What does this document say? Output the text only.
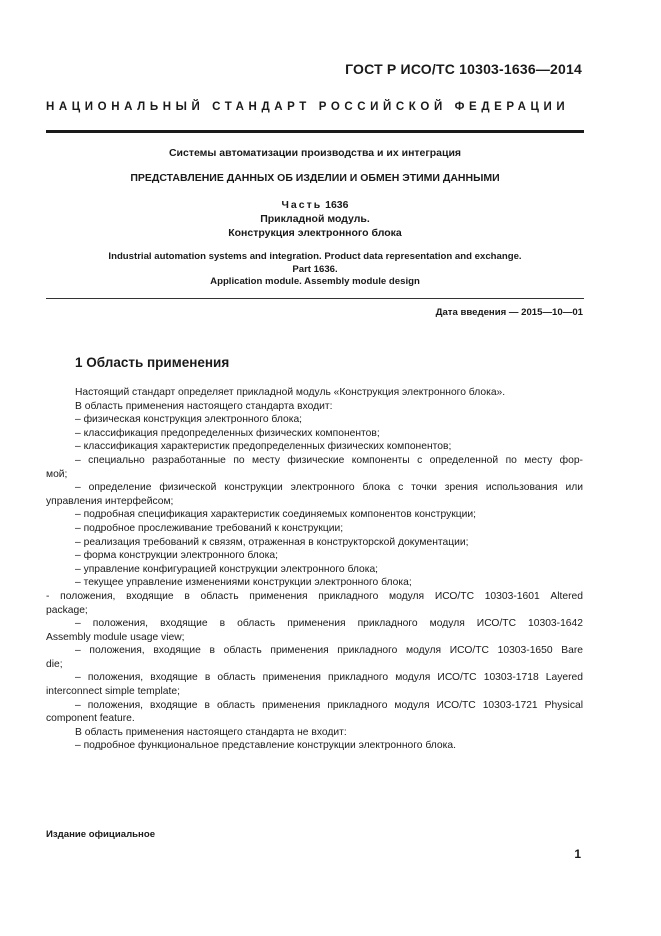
ГОСТ Р ИСО/ТС 10303-1636—2014
НАЦИОНАЛЬНЫЙ СТАНДАРТ РОССИЙСКОЙ ФЕДЕРАЦИИ
Системы автоматизации производства и их интеграция
ПРЕДСТАВЛЕНИЕ ДАННЫХ ОБ ИЗДЕЛИИ И ОБМЕН ЭТИМИ ДАННЫМИ
Часть 1636
Прикладной модуль.
Конструкция электронного блока
Industrial automation systems and integration. Product data representation and exchange.
Part 1636.
Application module. Assembly module design
Дата введения — 2015—10—01
1 Область применения

Настоящий стандарт определяет прикладной модуль «Конструкция электронного блока».

В область применения настоящего стандарта входит:

– физическая конструкция электронного блока;

– классификация предопределенных физических компонентов;

– классификация характеристик предопределенных физических компонентов;

– специально разработанные по месту физические компоненты с определенной по месту фор-

мой;

– определение физической конструкции электронного блока с точки зрения использования или

управления интерфейсом;

– подробная спецификация характеристик соединяемых компонентов конструкции;

– подробное прослеживание требований к конструкции;

– реализация требований к связям, отраженная в конструкторской документации;

– форма конструкции электронного блока;

– управление конфигурацией конструкции электронного блока;

– текущее управление изменениями конструкции электронного блока;

- положения, входящие в область применения прикладного модуля ИСО/ТС 10303-1601 Altered

package;

– положения, входящие в область применения прикладного модуля ИСО/ТС 10303-1642

Assembly module usage view;

– положения, входящие в область применения прикладного модуля ИСО/ТС 10303-1650 Bare

die;

– положения, входящие в область применения прикладного модуля ИСО/ТС 10303-1718 Layered

interconnect simple template;

– положения, входящие в область применения прикладного модуля ИСО/ТС 10303-1721 Physical

component feature.

В область применения настоящего стандарта не входит:

– подробное функциональное представление конструкции электронного блока.

Издание официальное
1
